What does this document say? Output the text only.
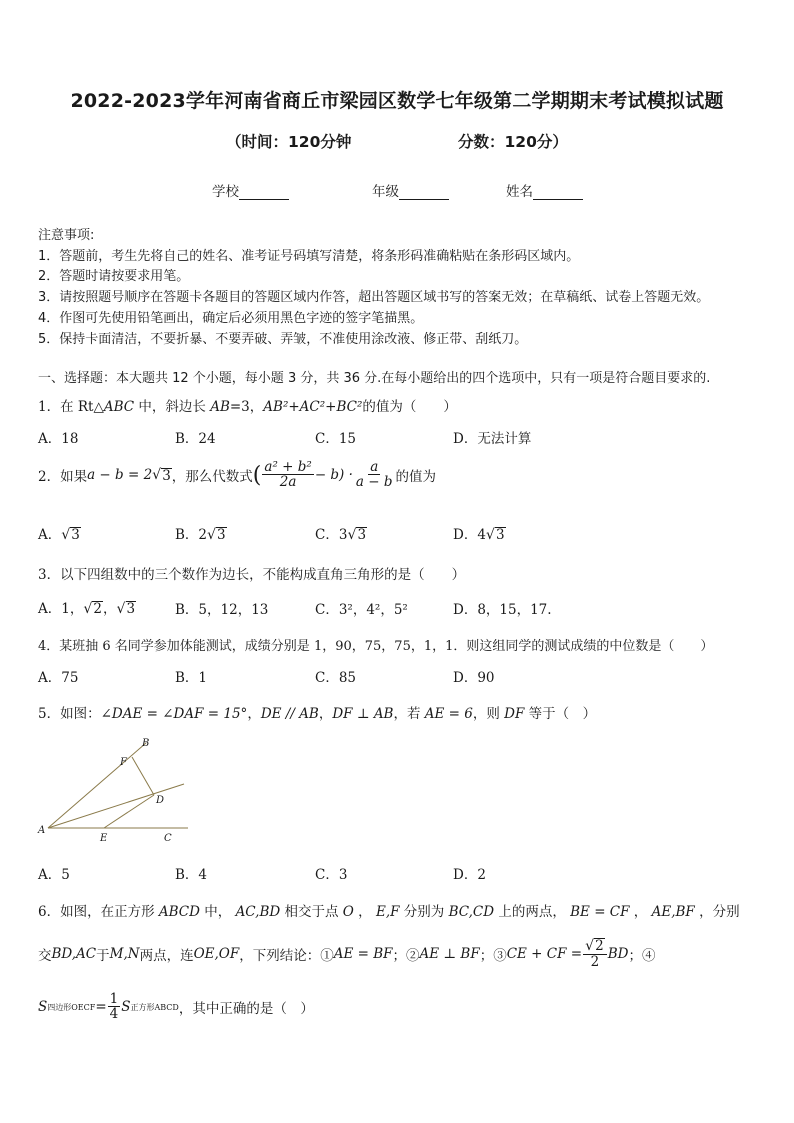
2022-2023学年河南省商丘市梁园区数学七年级第二学期期末考试模拟试题
（时间：120分钟	分数：120分）
学校	年级	姓名
注意事项:
1．答题前，考生先将自己的姓名、准考证号码填写清楚，将条形码准确粘贴在条形码区域内。
2．答题时请按要求用笔。
3．请按照题号顺序在答题卡各题目的答题区域内作答，超出答题区域书写的答案无效；在草稿纸、试卷上答题无效。
4．作图可先使用铅笔画出，确定后必须用黑色字迹的签字笔描黑。
5．保持卡面清洁，不要折暴、不要弄破、弄皱，不准使用涂改液、修正带、刮纸刀。
一、选择题：本大题共 12 个小题，每小题 3 分，共 36 分.在每小题给出的四个选项中，只有一项是符合题目要求的.
1．在 Rt△ABC 中，斜边长 AB=3，AB²+AC²+BC²的值为（　　）
A．18	B．24	C．15	D．无法计算
2．如果 a − b = 2 √ 3 ，那么代数式 ( $\frac{\text{a² + b²}}{2a} - b) \cdot \frac{a}{a - b}$ 的值为
A． √ 3	B．2 √ 3	C．3 √ 3	D．4 √ 3
3．以下四组数中的三个数作为边长，不能构成直角三角形的是（　　）
A．1， √ 2 ， √ 3	B．5，12，13	C．3²，4²，5²	D．8，15，17.
4．某班抽 6 名同学参加体能测试，成绩分别是 1，90，75，75，1，1．则这组同学的测试成绩的中位数是（　　）
A．75	B．1	C．85	D．90
5．如图：∠DAE = ∠DAF = 15°，DE // AB，DF ⊥ AB，若 AE = 6，则 DF 等于（　）
A
B
C
D
E
F
A．5	B．4	C．3	D．2
6．如图，在正方形 ABCD 中， AC,BD 相交于点 O ， E,F 分别为 BC,CD 上的两点， BE = CF ， AE,BF ，分别
交 BD,AC 于 M,N 两点，连 OE,OF ，下列结论：① AE = BF ；② AE ⊥ BF ；③ CE + CF = $\frac{√ 2}{2}$ BD ；④
S 四边形OECF = $\frac{1}{4}$ S 正方形ABCD ，其中正确的是（　）
